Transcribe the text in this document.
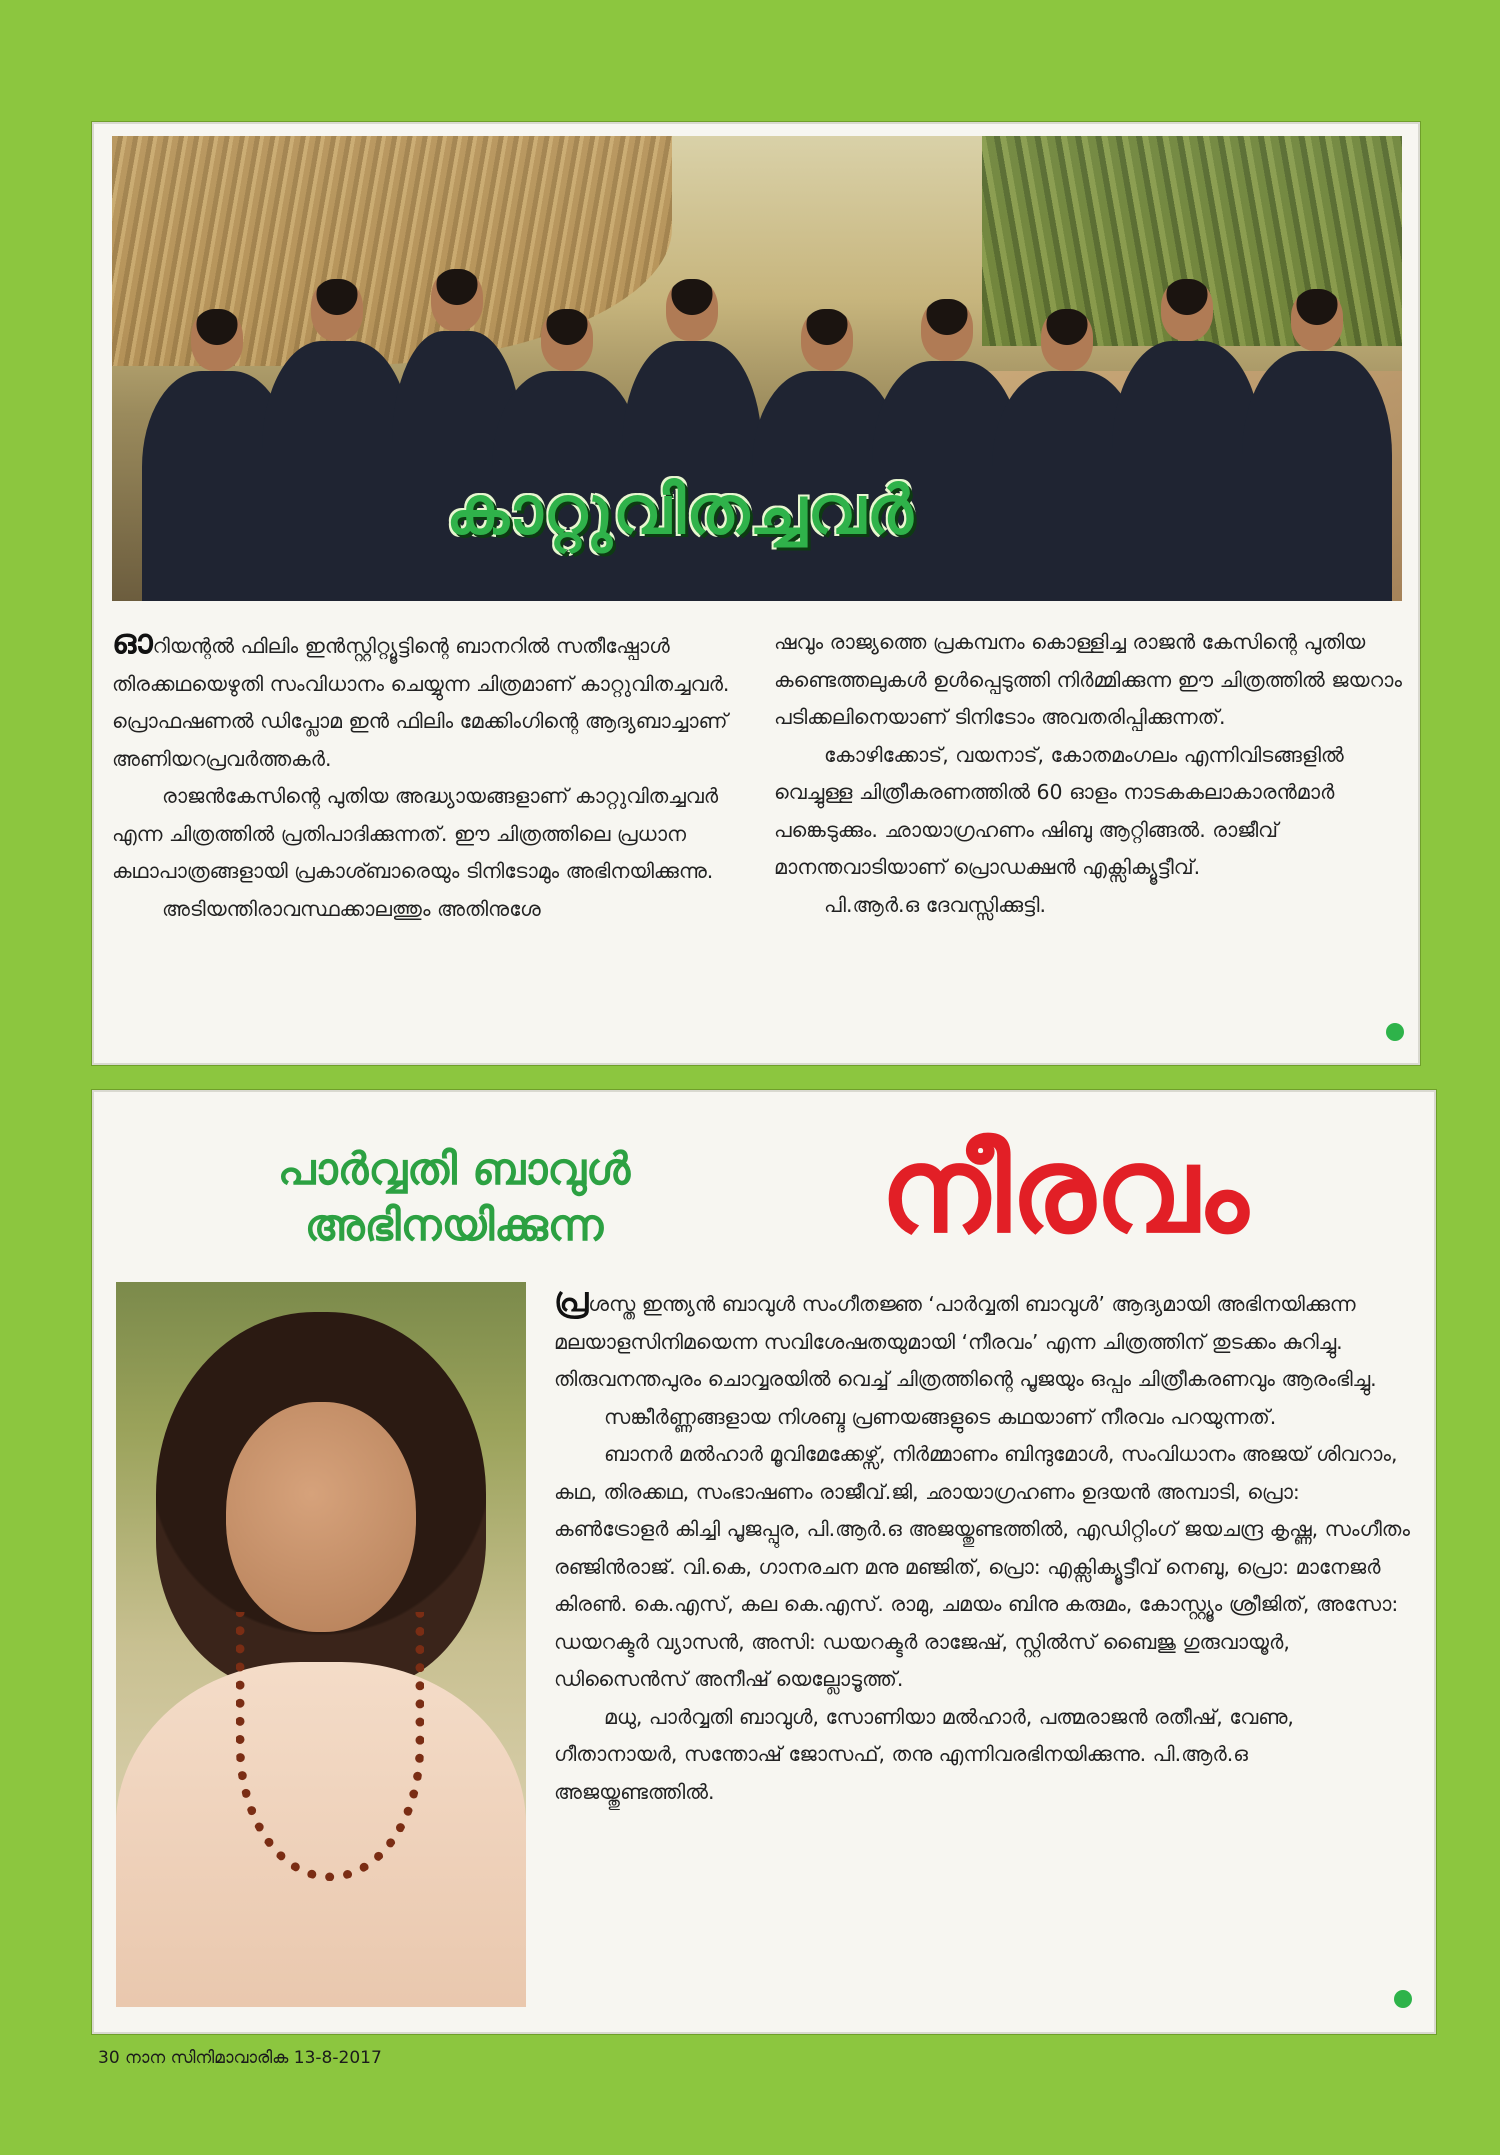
കാറ്റുവിതച്ചവർ

ഓറിയന്റൽ ഫിലിം ഇൻസ്റ്റിറ്റ്യൂട്ടിന്റെ ബാനറിൽ സതീഷ്പോൾ തിരക്കഥയെഴുതി സംവിധാനം ചെയ്യുന്ന ചിത്രമാണ് കാറ്റുവിതച്ചവർ. പ്രൊഫഷണൽ ഡിപ്ലോമ ഇൻ ഫിലിം മേക്കിംഗിന്റെ ആദ്യബാച്ചാണ് അണിയറപ്രവർത്തകർ.

രാജൻകേസിന്റെ പുതിയ അദ്ധ്യായങ്ങളാണ് കാറ്റുവിതച്ചവർ എന്ന ചിത്രത്തിൽ പ്രതിപാദിക്കുന്നത്. ഈ ചിത്രത്തിലെ പ്രധാന കഥാപാത്രങ്ങളായി പ്രകാശ്ബാരെയും ടിനിടോമും അഭിനയിക്കുന്നു.

അടിയന്തിരാവസ്ഥക്കാലത്തും അതിനുശേ

ഷവും രാജ്യത്തെ പ്രകമ്പനം കൊള്ളിച്ച രാജൻ കേസിന്റെ പുതിയ കണ്ടെത്തലുകൾ ഉൾപ്പെടുത്തി നിർമ്മിക്കുന്ന ഈ ചിത്രത്തിൽ ജയറാം പടിക്കലിനെയാണ് ടിനിടോം അവതരിപ്പിക്കുന്നത്.

കോഴിക്കോട്, വയനാട്, കോതമംഗലം എന്നിവിടങ്ങളിൽ വെച്ചുള്ള ചിത്രീകരണത്തിൽ 60 ഓളം നാടകകലാകാരൻമാർ പങ്കെടുക്കും. ഛായാഗ്രഹണം ഷിബു ആറ്റിങ്ങൽ. രാജീവ് മാനന്തവാടിയാണ് പ്രൊഡക്ഷൻ എക്സിക്യൂട്ടീവ്.

പി.ആർ.ഒ ദേവസ്സിക്കുട്ടി.

പാർവ്വതി ബാവുൾ
അഭിനയിക്കുന്ന	നീരവം

പ്രശസ്ത ഇന്ത്യൻ ബാവുൾ സംഗീതജ്ഞ ‘പാർവ്വതി ബാവുൾ’ ആദ്യമായി അഭിനയിക്കുന്ന മലയാളസിനിമയെന്ന സവിശേഷതയുമായി ‘നീരവം’ എന്ന ചിത്രത്തിന് തുടക്കം കുറിച്ചു. തിരുവനന്തപുരം ചൊവ്വരയിൽ വെച്ച് ചിത്രത്തിന്റെ പൂജയും ഒപ്പം ചിത്രീകരണവും ആരംഭിച്ചു.

സങ്കീർണ്ണങ്ങളായ നിശബ്ദ പ്രണയങ്ങളുടെ കഥയാണ് നീരവം പറയുന്നത്.

ബാനർ മൽഹാർ മൂവിമേക്കേഴ്സ്, നിർമ്മാണം ബിന്ദുമോൾ, സംവിധാനം അജയ് ശിവറാം, കഥ, തിരക്കഥ, സംഭാഷണം രാജീവ്.ജി, ഛായാഗ്രഹണം ഉദയൻ അമ്പാടി, പ്രൊ: കൺട്രോളർ കിച്ചി പൂജപ്പുര, പി.ആർ.ഒ അജയ്തുണ്ടത്തിൽ, എഡിറ്റിംഗ് ജയചന്ദ്ര കൃഷ്ണ, സംഗീതം രഞ്ജിൻരാജ്. വി.കെ, ഗാനരചന മനു മഞ്ജിത്, പ്രൊ: എക്സിക്യൂട്ടീവ് നെബു, പ്രൊ: മാനേജർ കിരൺ. കെ.എസ്, കല കെ.എസ്. രാമു, ചമയം ബിനു കരുമം, കോസ്റ്റ്യൂം ശ്രീജിത്, അസോ: ഡയറക്ടർ വ്യാസൻ, അസി: ഡയറക്ടർ രാജേഷ്, സ്റ്റിൽസ് ബൈജു ഗുരുവായൂർ, ഡിസൈൻസ് അനീഷ് യെല്ലോടൂത്ത്.

മധു, പാർവ്വതി ബാവുൾ, സോണിയാ മൽഹാർ, പത്മരാജൻ രതീഷ്, വേണു, ഗീതാനായർ, സന്തോഷ് ജോസഫ്, തനു എന്നിവരഭിനയിക്കുന്നു. പി.ആർ.ഒ അജയ്തുണ്ടത്തിൽ.

30 നാന സിനിമാവാരിക 13-8-2017
